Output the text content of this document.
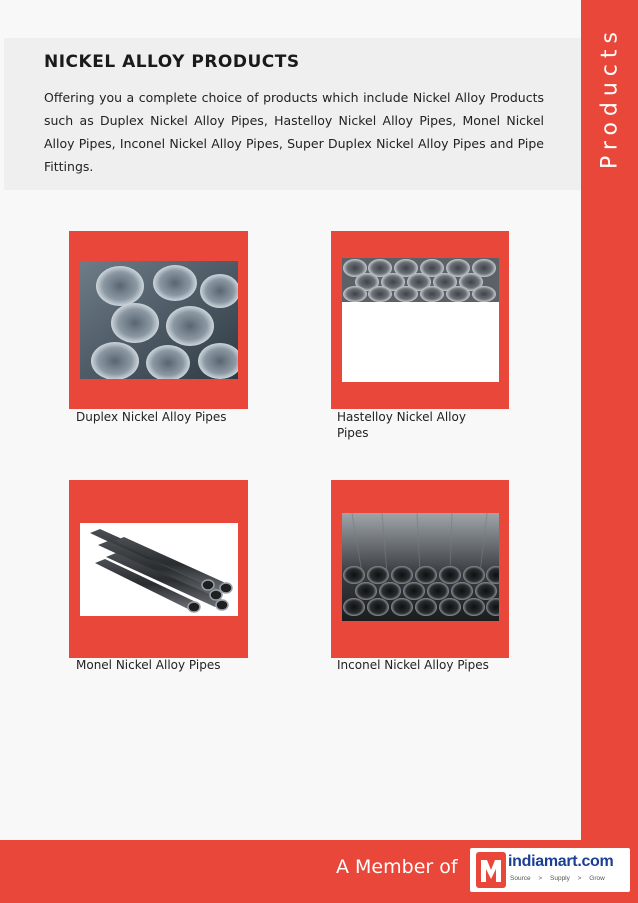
Products
NICKEL ALLOY PRODUCTS
Offering you a complete choice of products which include Nickel Alloy Products such as Duplex Nickel Alloy Pipes, Hastelloy Nickel Alloy Pipes, Monel Nickel Alloy Pipes, Inconel Nickel Alloy Pipes, Super Duplex Nickel Alloy Pipes and Pipe Fittings.
Duplex Nickel Alloy Pipes	Hastelloy Nickel Alloy Pipes
Monel Nickel Alloy Pipes	Inconel Nickel Alloy Pipes
A Member of	indiamart.com
Source > Supply > Grow
